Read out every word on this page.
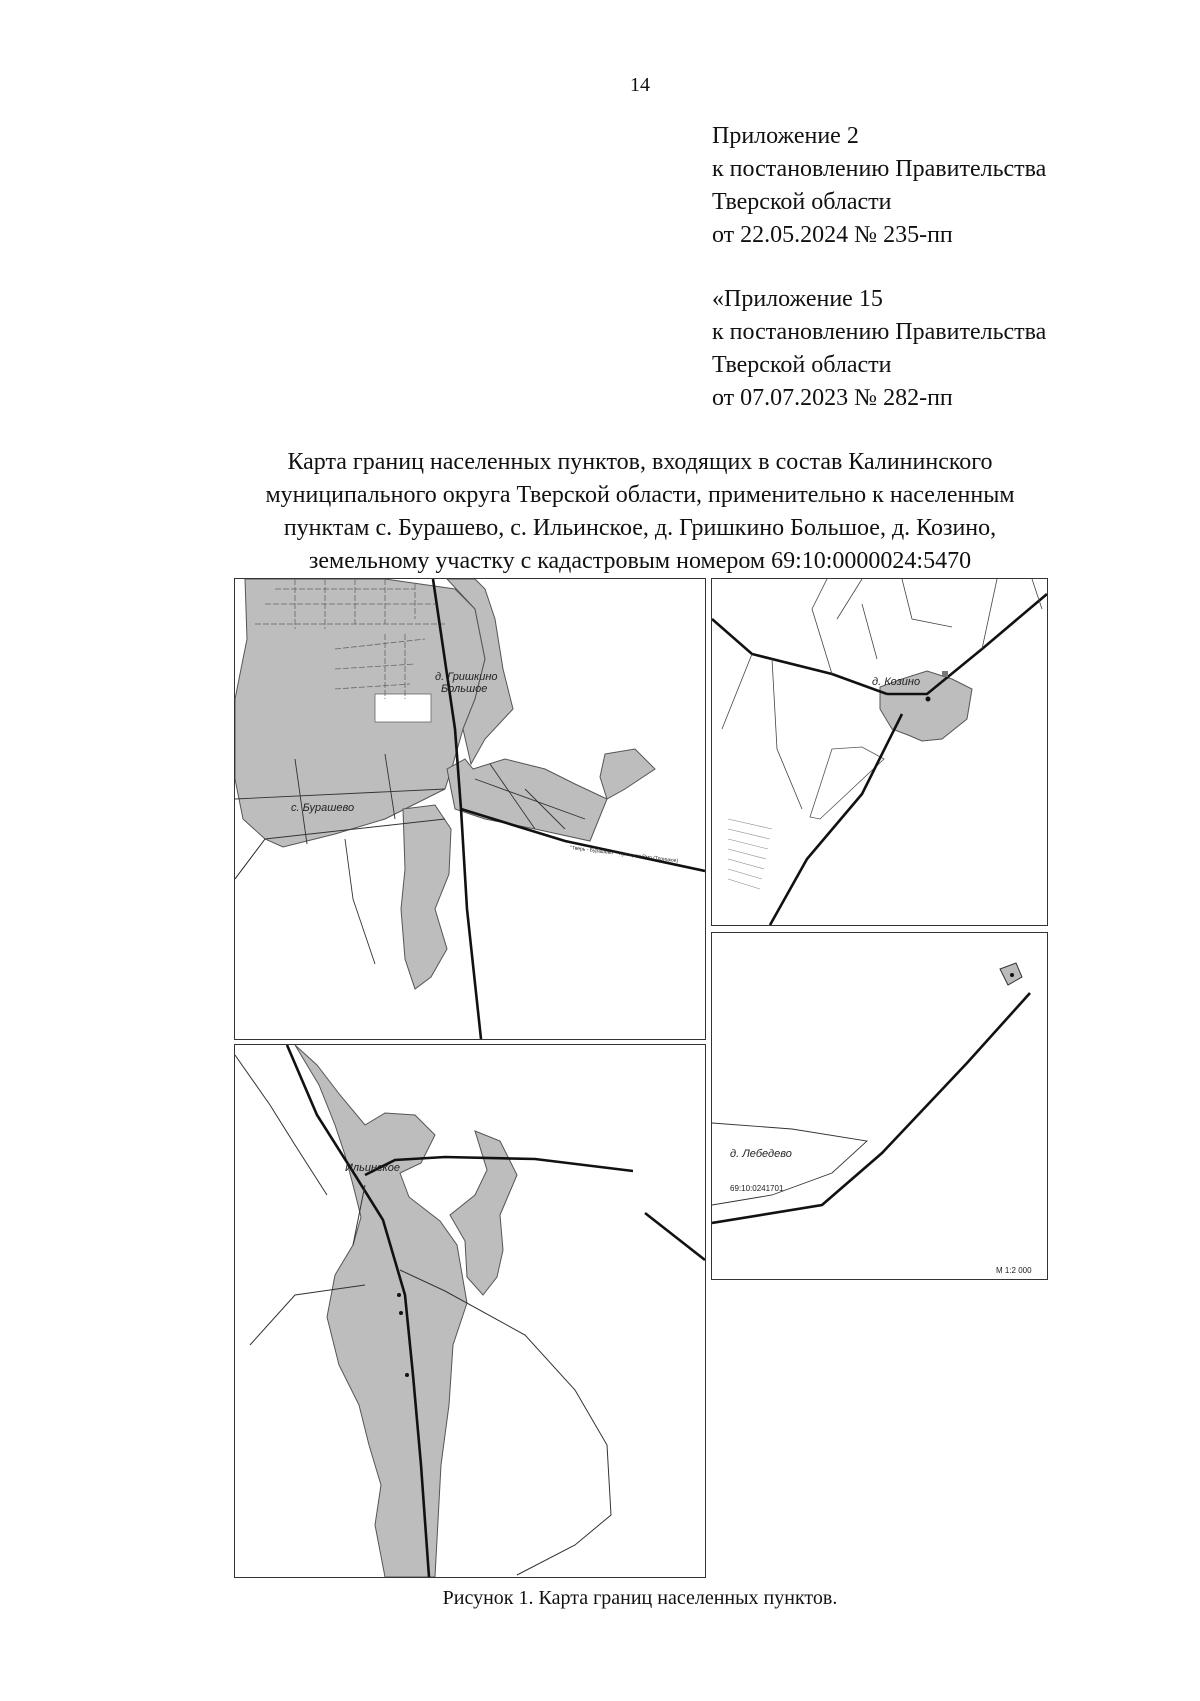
14
Приложение 2
к постановлению Правительства
Тверской области
от 22.05.2024 № 235-пп
«Приложение 15
к постановлению Правительства
Тверской области
от 07.07.2023 № 282-пп
Карта границ населенных пунктов, входящих в состав Калининского
муниципального округа Тверской области, применительно к населенным
пунктам с. Бурашево, с. Ильинское, д. Гришкино Большое, д. Козино,
земельному участку с кадастровым номером 69:10:0000024:5470
д. Гришкино
Большое
с. Бурашево
"Тверь - Бурашево" - Кулицкая Ямо (Троицкое)
д. Козино
д. Лебедево
69:10:0241701
М 1:2 000
Ильинское
Рисунок 1. Карта границ населенных пунктов.
